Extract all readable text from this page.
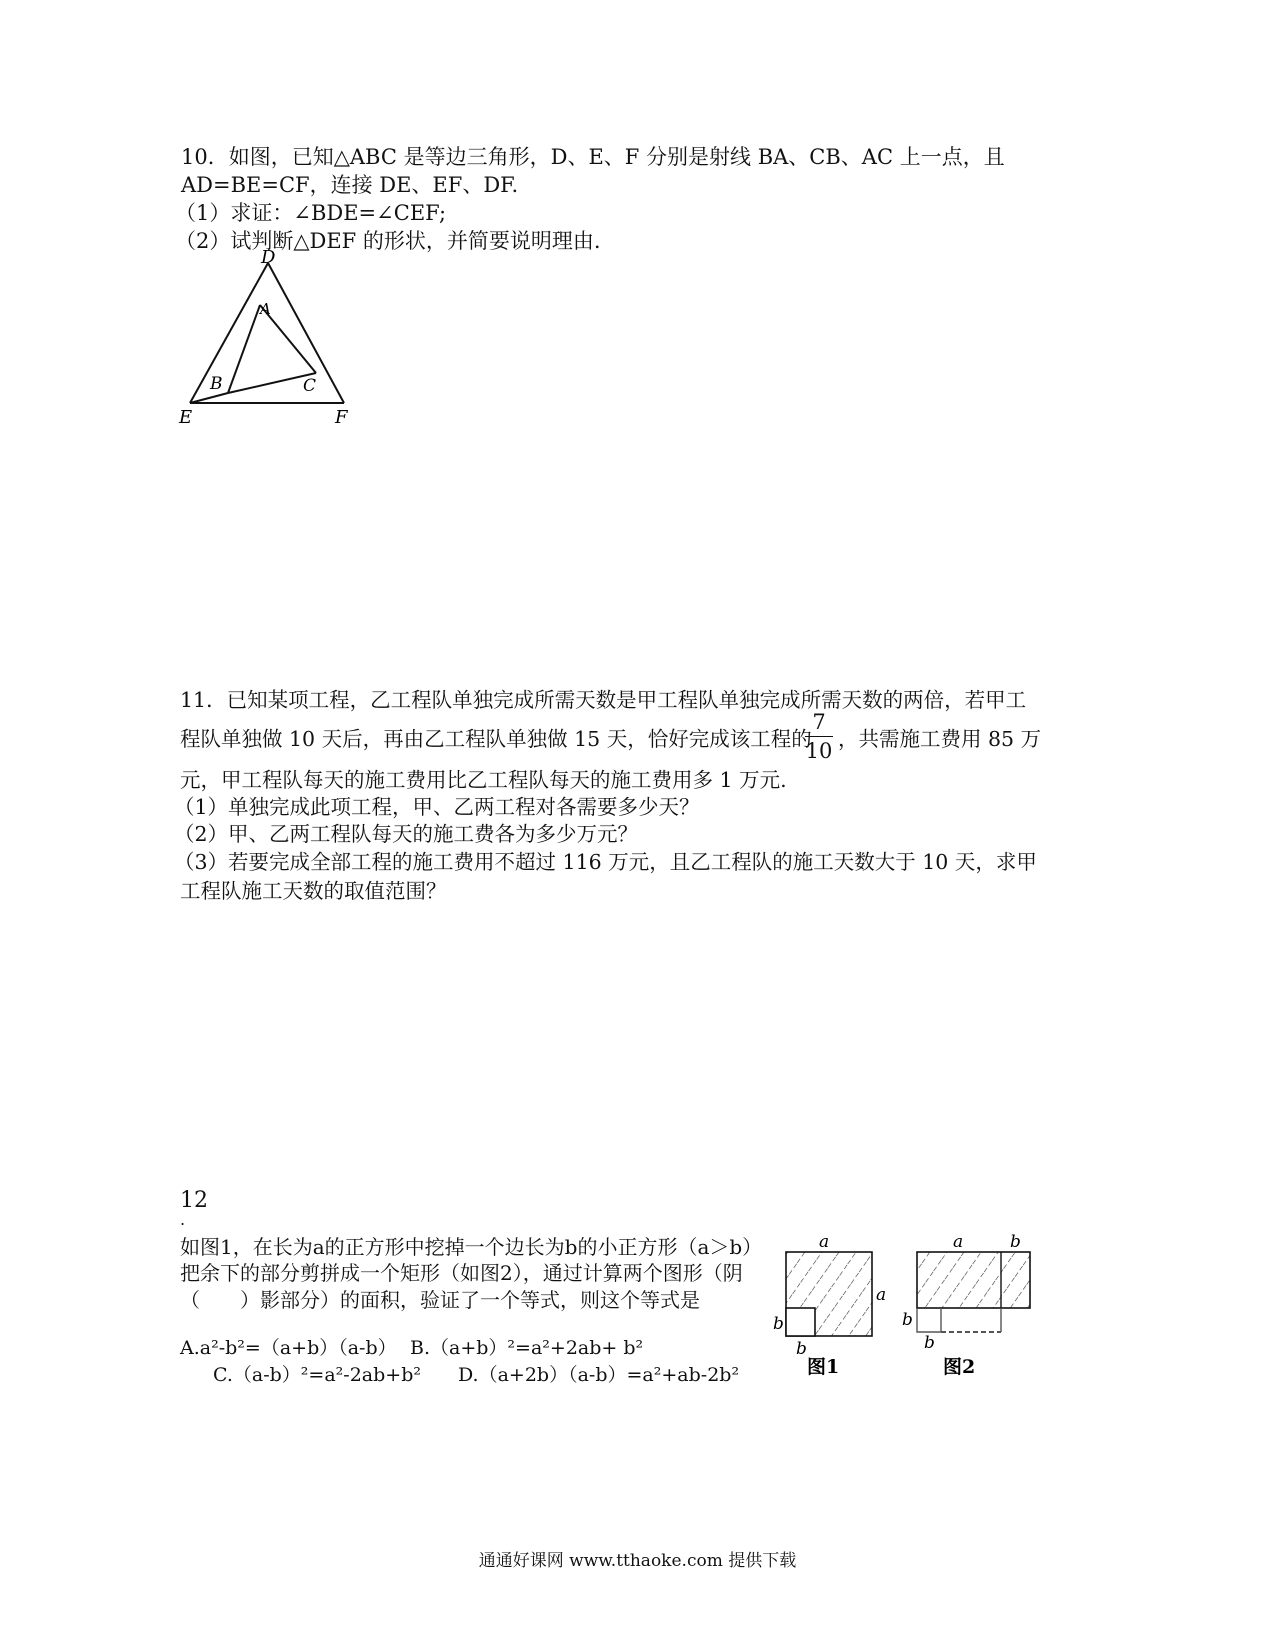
10．如图，已知△ABC 是等边三角形，D、E、F 分别是射线 BA、CB、AC 上一点，且

AD=BE=CF，连接 DE、EF、DF.

（1）求证：∠BDE=∠CEF;

（2）试判断△DEF 的形状，并简要说明理由.

D
A
B	C
E	F

11．已知某项工程，乙工程队单独完成所需天数是甲工程队单独完成所需天数的两倍，若甲工

程队单独做 10 天后，再由乙工程队单独做 15 天，恰好完成该工程的

7
10 ，共需施工费用 85 万

元，甲工程队每天的施工费用比乙工程队每天的施工费用多 1 万元.

（1）单独完成此项工程，甲、乙两工程对各需要多少天？

（2）甲、乙两工程队每天的施工费各为多少万元？

（3）若要完成全部工程的施工费用不超过 116 万元，且乙工程队的施工天数大于 10 天，求甲

工程队施工天数的取值范围？

12

.

如图1，在长为a的正方形中挖掉一个边长为b的小正方形（a＞b）

把余下的部分剪拼成一个矩形（如图2），通过计算两个图形（阴

（　　）影部分）的面积，验证了一个等式，则这个等式是

A.a²-b²=（a+b）（a-b） B.（a+b）²=a²+2ab+ b²

C.（a-b）²=a²-2ab+b² D.（a+2b）（a-b）=a²+ab-2b²

a
a
b
b
图1
a	b
b
b
图2
通通好课网 www.tthaoke.com 提供下载
